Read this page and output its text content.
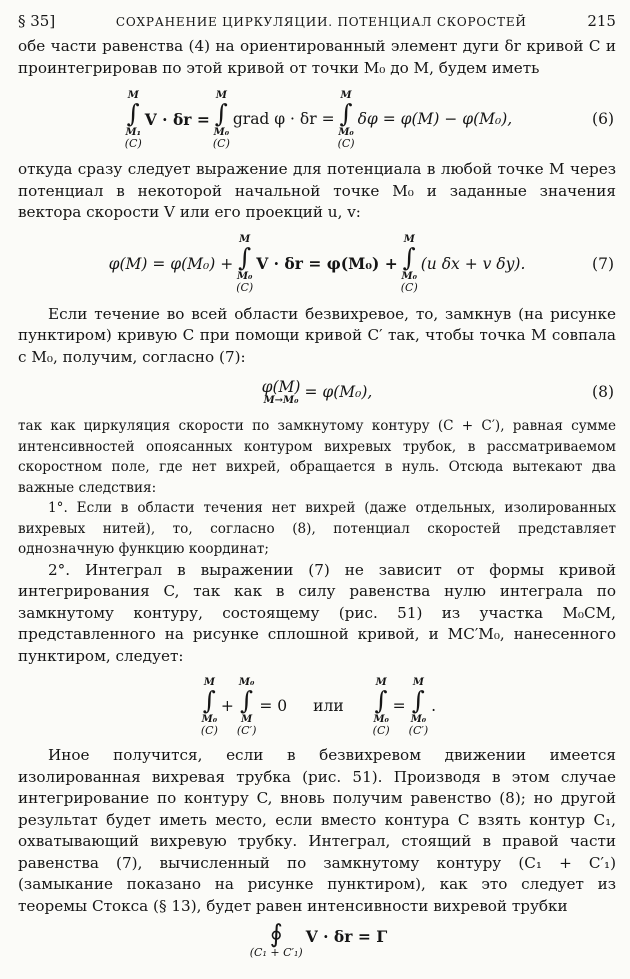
§ 35]	СОХРАНЕНИЕ ЦИРКУЛЯЦИИ. ПОТЕНЦИАЛ СКОРОСТЕЙ	215

обе части равенства (4) на ориентированный элемент дуги δr кривой C и проинтегрировав по этой кривой от точки M₀ до M, будем иметь

M
∫
M₁
(C)
V · δr =
M
∫
M₀
(C)
grad φ · δr =
M
∫
M₀
(C)
δφ = φ(M) − φ(M₀),	(6)

откуда сразу следует выражение для потенциала в любой точке M через потенциал в некоторой начальной точке M₀ и заданные значения вектора скорости V или его проекций u, v:

φ(M) = φ(M₀) +
M
∫
M₀
(C)
V · δr = φ(M₀) +
M
∫
M₀
(C)
(u δx + v δy).	(7)

Если течение во всей области безвихревое, то, замкнув (на рисунке пунктиром) кривую C при помощи кривой C′ так, чтобы точка M совпала с M₀, получим, согласно (7):

φ(M)
M→M₀ = φ(M₀),	(8)

так как циркуляция скорости по замкнутому контуру (C + C′), равная сумме интенсивностей опоясанных контуром вихревых трубок, в рассматриваемом скоростном поле, где нет вихрей, обращается в нуль. Отсюда вытекают два важные следствия:

1°. Если в области течения нет вихрей (даже отдельных, изолированных вихревых нитей), то, согласно (8), потенциал скоростей представляет однозначную функцию координат;

2°. Интеграл в выражении (7) не зависит от формы кривой интегрирования C, так как в силу равенства нулю интеграла по замкнутому контуру, состоящему (рис. 51) из участка M₀CM, представленного на рисунке сплошной кривой, и MC′M₀, нанесенного пунктиром, следует:

M
∫
M₀
(C)
+
M₀
∫
M
(C′)
= 0 или
M
∫
M₀
(C)
=
M
∫
M₀
(C′)
.

Иное получится, если в безвихревом движении имеется изолированная вихревая трубка (рис. 51). Производя в этом случае интегрирование по контуру C, вновь получим равенство (8); но другой результат будет иметь место, если вместо контура C взять контур C₁, охватывающий вихревую трубку. Интеграл, стоящий в правой части равенства (7), вычисленный по замкнутому контуру (C₁ + C′₁) (замыкание показано на рисунке пунктиром), как это следует из теоремы Стокса (§ 13), будет равен интенсивности вихревой трубки

∮
(C₁ + C′₁)
V · δr = Γ
